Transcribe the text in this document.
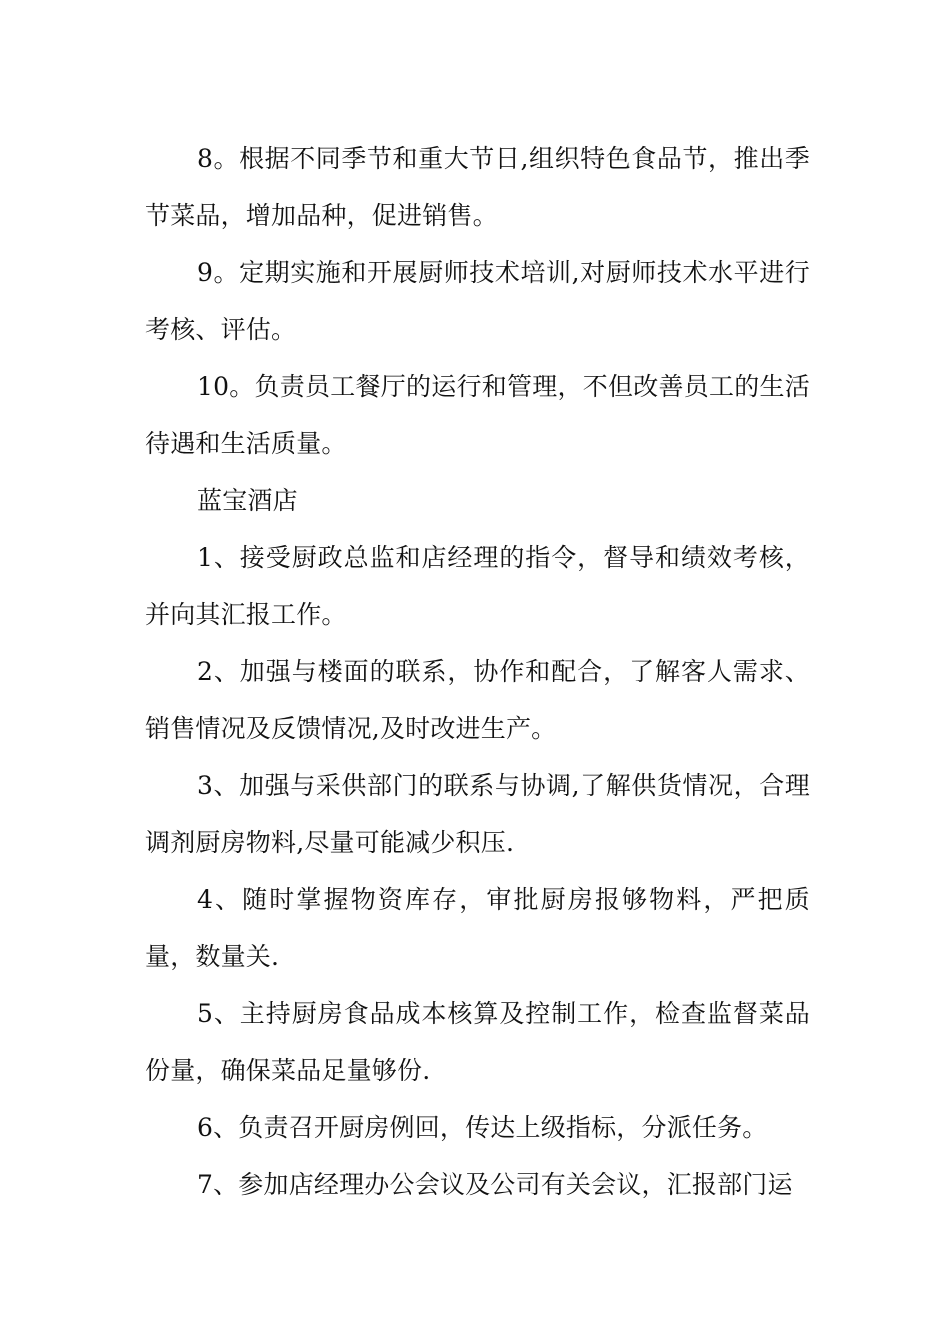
8。根据不同季节和重大节日,组织特色食品节，推出季节菜品，增加品种，促进销售。

9。定期实施和开展厨师技术培训,对厨师技术水平进行考核、评估。

10。负责员工餐厅的运行和管理，不但改善员工的生活待遇和生活质量。

蓝宝酒店

1、接受厨政总监和店经理的指令，督导和绩效考核，并向其汇报工作。

2、加强与楼面的联系，协作和配合，了解客人需求、销售情况及反馈情况,及时改进生产。

3、加强与采供部门的联系与协调,了解供货情况，合理调剂厨房物料,尽量可能减少积压.

4、随时掌握物资库存，审批厨房报够物料，严把质量，数量关.

5、主持厨房食品成本核算及控制工作，检查监督菜品份量，确保菜品足量够份.

6、负责召开厨房例回，传达上级指标，分派任务。

7、参加店经理办公会议及公司有关会议，汇报部门运
